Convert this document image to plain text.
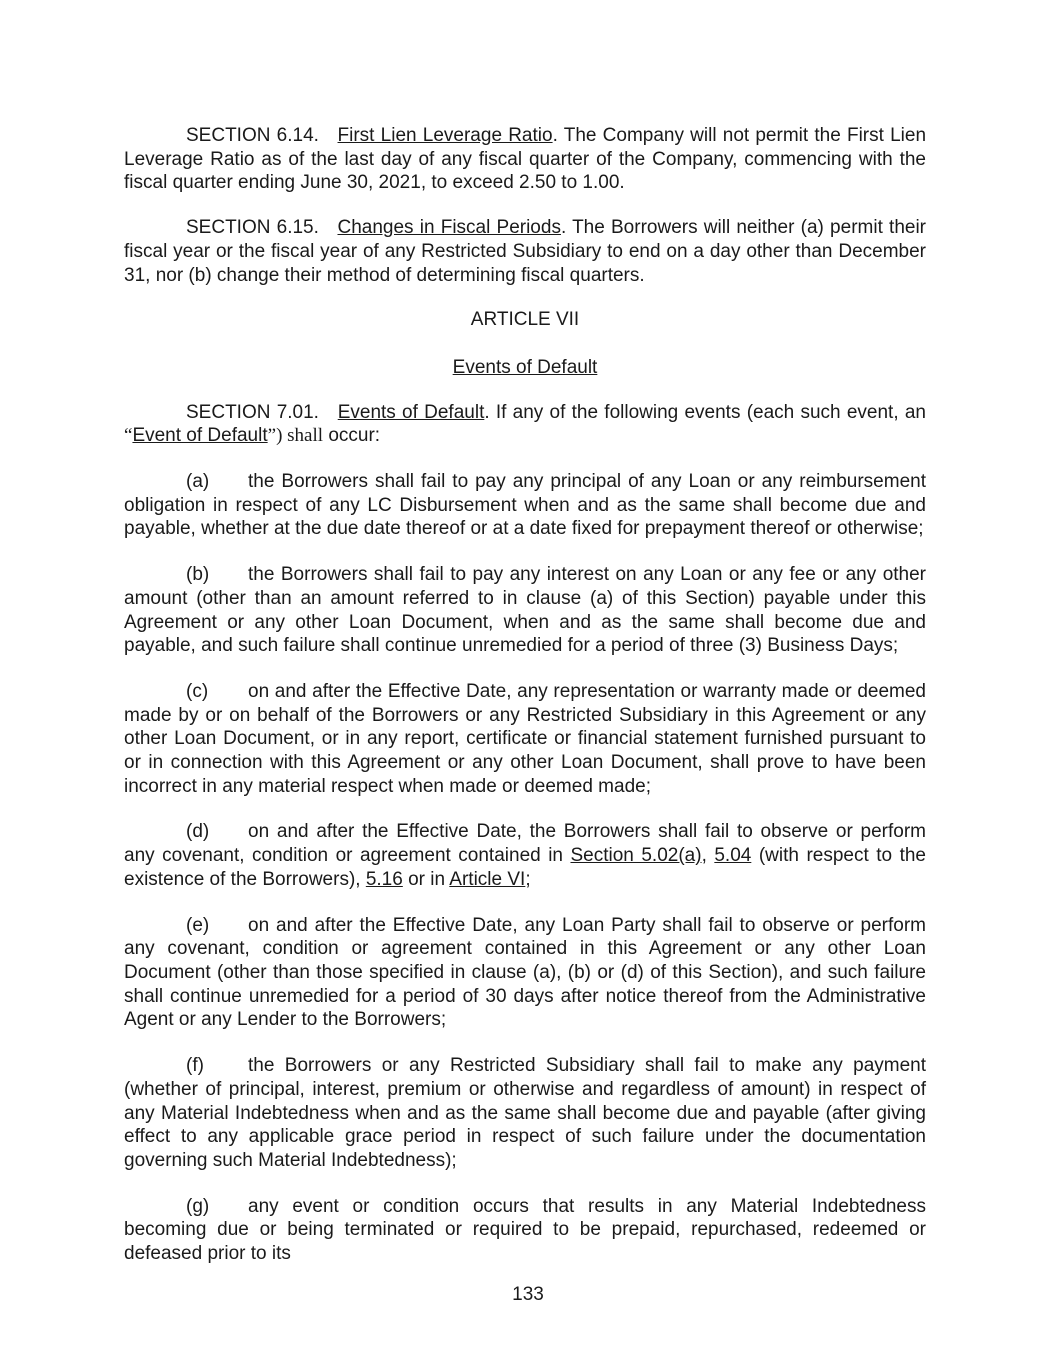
SECTION 6.14. First Lien Leverage Ratio. The Company will not permit the First Lien Leverage Ratio as of the last day of any fiscal quarter of the Company, commencing with the fiscal quarter ending June 30, 2021, to exceed 2.50 to 1.00.

SECTION 6.15. Changes in Fiscal Periods. The Borrowers will neither (a) permit their fiscal year or the fiscal year of any Restricted Subsidiary to end on a day other than December 31, nor (b) change their method of determining fiscal quarters.

ARTICLE VII

Events of Default

SECTION 7.01. Events of Default. If any of the following events (each such event, an “Event of Default”) shall occur:

(a) the Borrowers shall fail to pay any principal of any Loan or any reimbursement obligation in respect of any LC Disbursement when and as the same shall become due and payable, whether at the due date thereof or at a date fixed for prepayment thereof or otherwise;

(b) the Borrowers shall fail to pay any interest on any Loan or any fee or any other amount (other than an amount referred to in clause (a) of this Section) payable under this Agreement or any other Loan Document, when and as the same shall become due and payable, and such failure shall continue unremedied for a period of three (3) Business Days;

(c) on and after the Effective Date, any representation or warranty made or deemed made by or on behalf of the Borrowers or any Restricted Subsidiary in this Agreement or any other Loan Document, or in any report, certificate or financial statement furnished pursuant to or in connection with this Agreement or any other Loan Document, shall prove to have been incorrect in any material respect when made or deemed made;

(d) on and after the Effective Date, the Borrowers shall fail to observe or perform any covenant, condition or agreement contained in Section 5.02(a), 5.04 (with respect to the existence of the Borrowers), 5.16 or in Article VI;

(e) on and after the Effective Date, any Loan Party shall fail to observe or perform any covenant, condition or agreement contained in this Agreement or any other Loan Document (other than those specified in clause (a), (b) or (d) of this Section), and such failure shall continue unremedied for a period of 30 days after notice thereof from the Administrative Agent or any Lender to the Borrowers;

(f) the Borrowers or any Restricted Subsidiary shall fail to make any payment (whether of principal, interest, premium or otherwise and regardless of amount) in respect of any Material Indebtedness when and as the same shall become due and payable (after giving effect to any applicable grace period in respect of such failure under the documentation governing such Material Indebtedness);

(g) any event or condition occurs that results in any Material Indebtedness becoming due or being terminated or required to be prepaid, repurchased, redeemed or defeased prior to its

133
